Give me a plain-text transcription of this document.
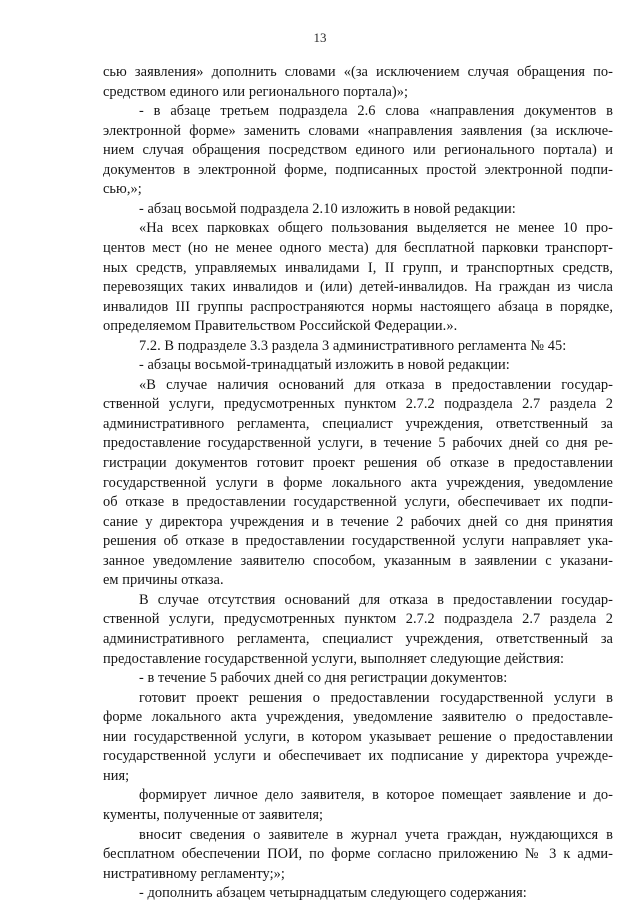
13
сью заявления» дополнить словами «(за исключением случая обращения по-
средством единого или регионального портала)»;
- в абзаце третьем подраздела 2.6 слова «направления документов в
электронной форме» заменить словами «направления заявления (за исключе-
нием случая обращения посредством единого или регионального портала) и
документов в электронной форме, подписанных простой электронной подпи-
сью,»;
- абзац восьмой подраздела 2.10 изложить в новой редакции:
«На всех парковках общего пользования выделяется не менее 10 про-
центов мест (но не менее одного места) для бесплатной парковки транспорт-
ных средств, управляемых инвалидами I, II групп, и транспортных средств,
перевозящих таких инвалидов и (или) детей-инвалидов. На граждан из числа
инвалидов III группы распространяются нормы настоящего абзаца в порядке,
определяемом Правительством Российской Федерации.».
7.2. В подразделе 3.3 раздела 3 административного регламента № 45:
- абзацы восьмой-тринадцатый изложить в новой редакции:
«В случае наличия оснований для отказа в предоставлении государ-
ственной услуги, предусмотренных пунктом 2.7.2 подраздела 2.7 раздела 2
административного регламента, специалист учреждения, ответственный за
предоставление государственной услуги, в течение 5 рабочих дней со дня ре-
гистрации документов готовит проект решения об отказе в предоставлении
государственной услуги в форме локального акта учреждения, уведомление
об отказе в предоставлении государственной услуги, обеспечивает их подпи-
сание у директора учреждения и в течение 2 рабочих дней со дня принятия
решения об отказе в предоставлении государственной услуги направляет ука-
занное уведомление заявителю способом, указанным в заявлении с указани-
ем причины отказа.
В случае отсутствия оснований для отказа в предоставлении государ-
ственной услуги, предусмотренных пунктом 2.7.2 подраздела 2.7 раздела 2
административного регламента, специалист учреждения, ответственный за
предоставление государственной услуги, выполняет следующие действия:
- в течение 5 рабочих дней со дня регистрации документов:
готовит проект решения о предоставлении государственной услуги в
форме локального акта учреждения, уведомление заявителю о предоставле-
нии государственной услуги, в котором указывает решение о предоставлении
государственной услуги и обеспечивает их подписание у директора учрежде-
ния;
формирует личное дело заявителя, в которое помещает заявление и до-
кументы, полученные от заявителя;
вносит сведения о заявителе в журнал учета граждан, нуждающихся в
бесплатном обеспечении ПОИ, по форме согласно приложению № 3 к адми-
нистративному регламенту;»;
- дополнить абзацем четырнадцатым следующего содержания:
